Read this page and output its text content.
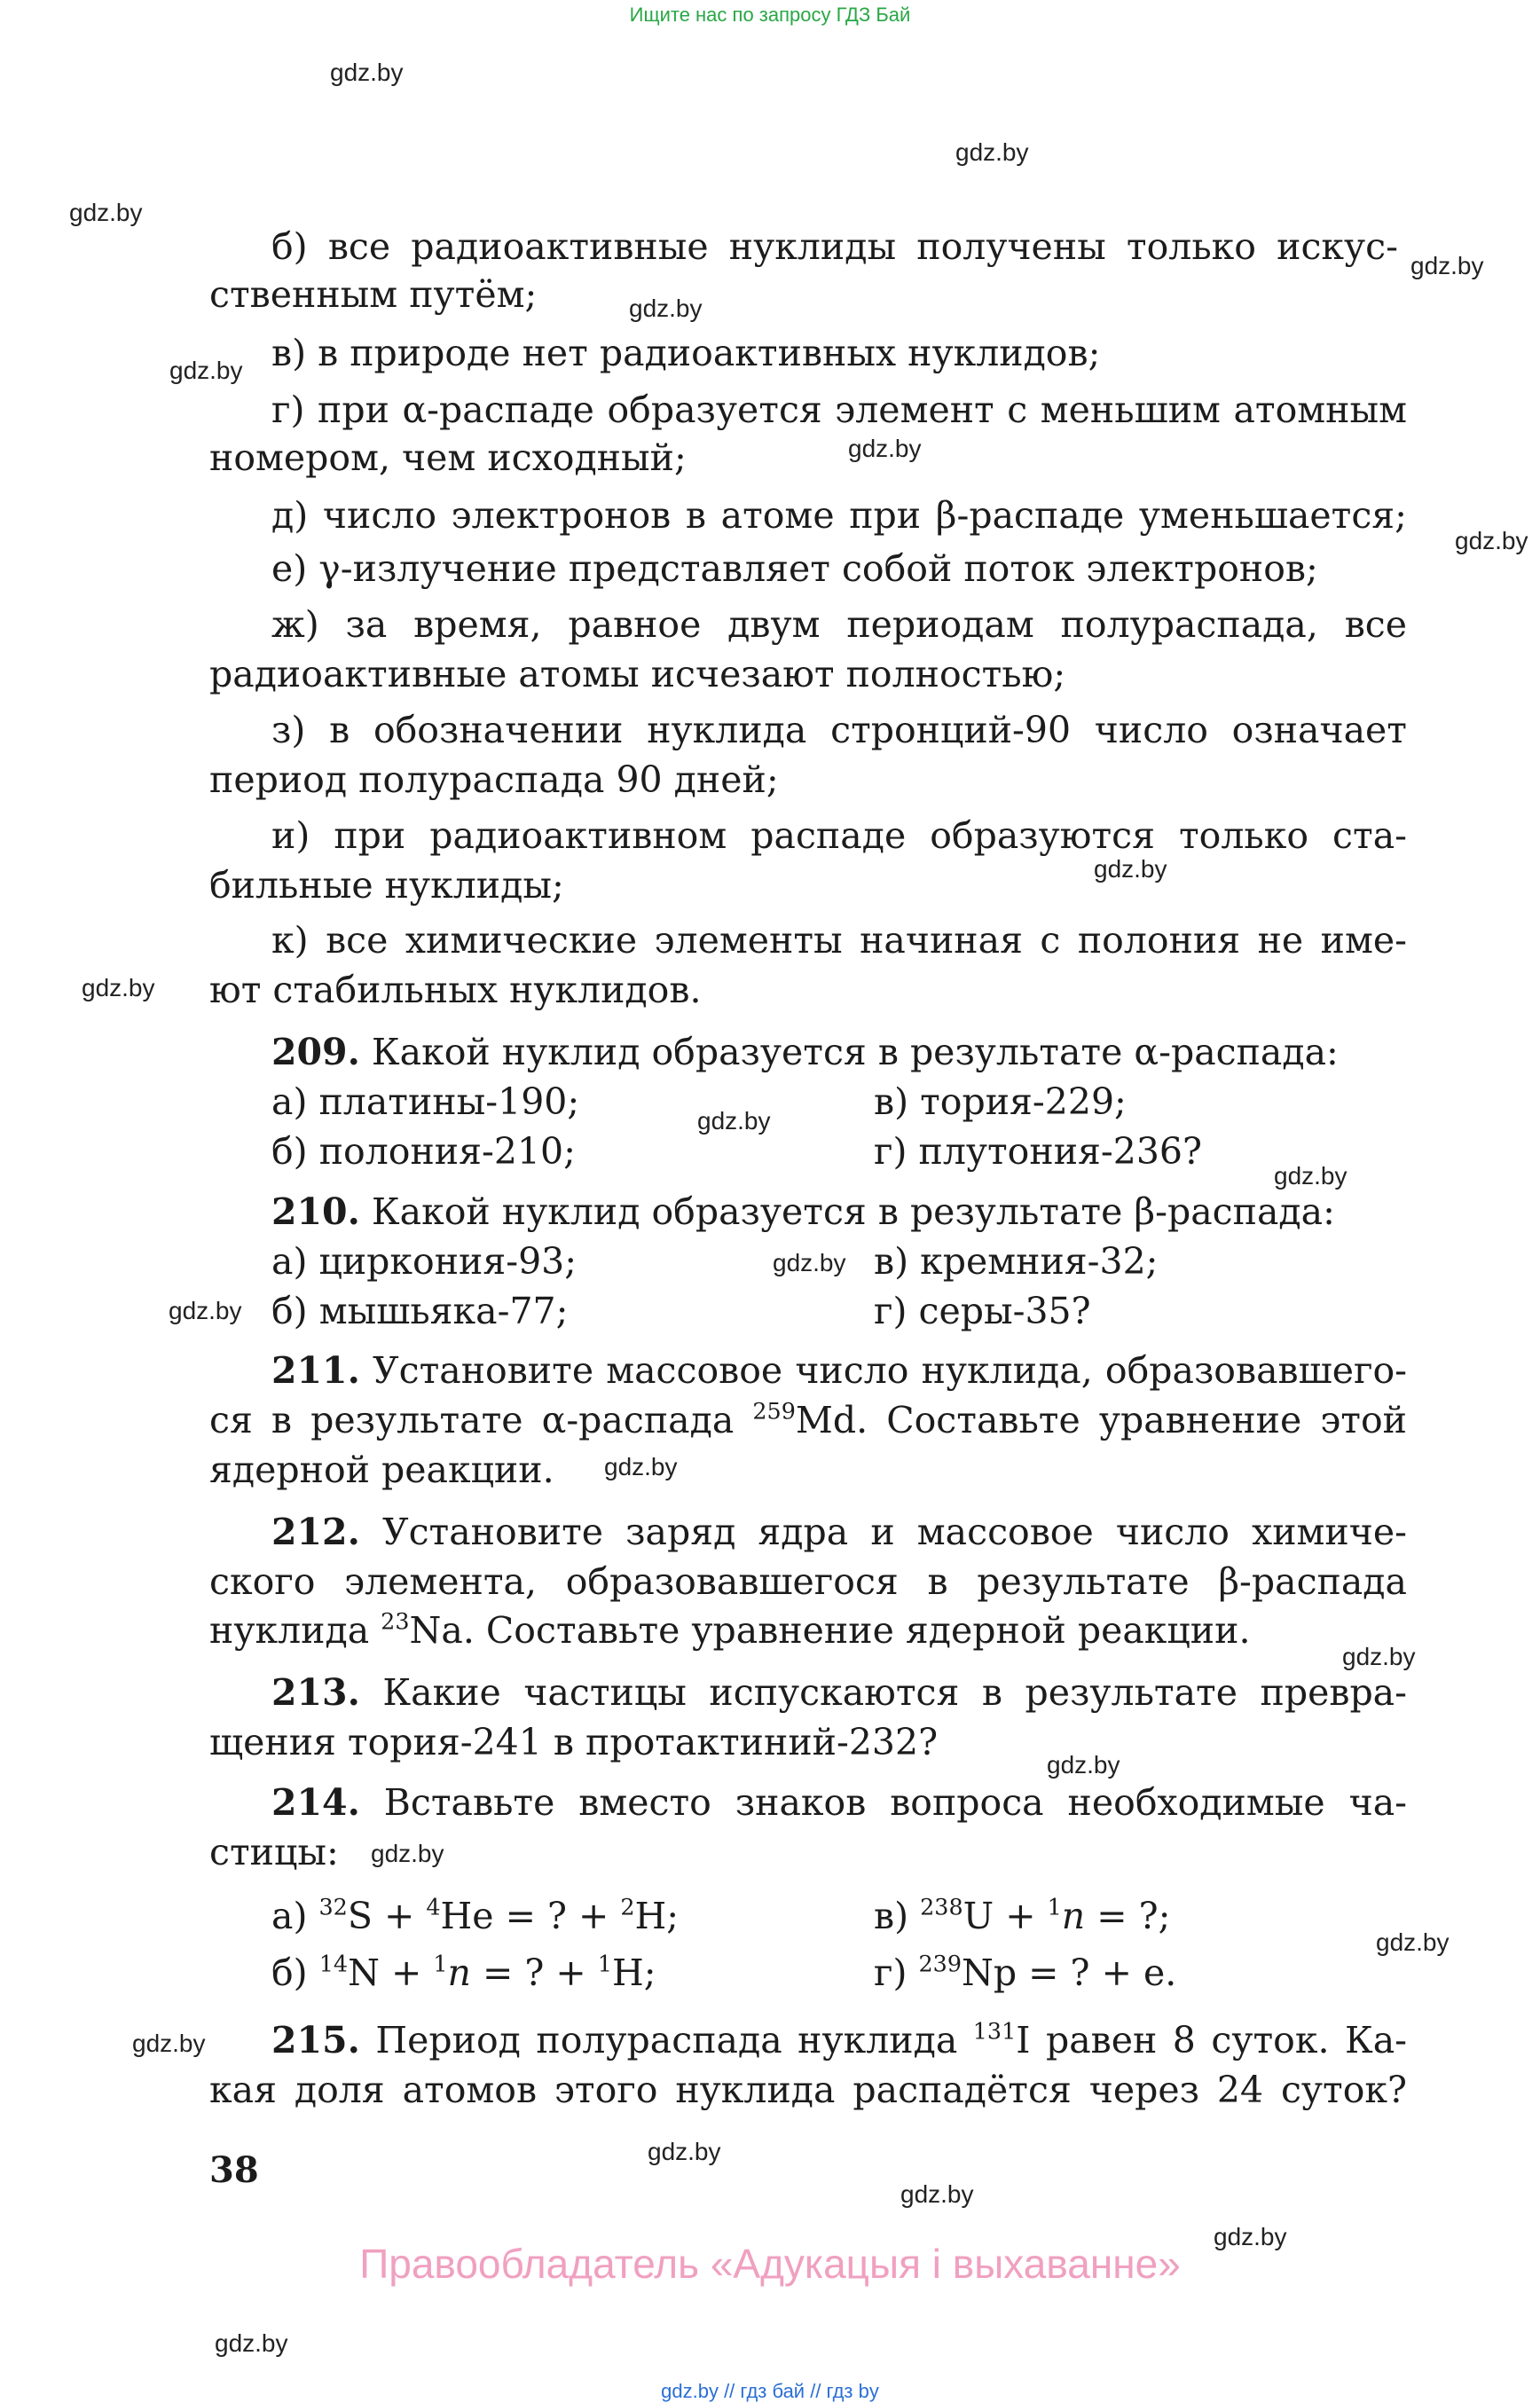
Ищите нас по запросу ГДЗ Бай
gdz.by
gdz.by
gdz.by
gdz.by
gdz.by
gdz.by
gdz.by
gdz.by
gdz.by
gdz.by
gdz.by
gdz.by
gdz.by
gdz.by
gdz.by
gdz.by
gdz.by
gdz.by
gdz.by
gdz.by
gdz.by
gdz.by
gdz.by
gdz.by
б) все радиоактивные нуклиды получены только искус-
ственным путём;
в) в природе нет радиоактивных нуклидов;
г) при α-распаде образуется элемент с меньшим атомным
номером, чем исходный;
д) число электронов в атоме при β-распаде уменьшается;
е) γ-излучение представляет собой поток электронов;
ж) за время, равное двум периодам полураспада, все
радиоактивные атомы исчезают полностью;
з) в обозначении нуклида стронций-90 число означает
период полураспада 90 дней;
и) при радиоактивном распаде образуются только ста-
бильные нуклиды;
к) все химические элементы начиная с полония не име-
ют стабильных нуклидов.
209. Какой нуклид образуется в результате α-распада:
а) платины-190;	в) тория-229;
б) полония-210;	г) плутония-236?
210. Какой нуклид образуется в результате β-распада:
а) циркония-93;	в) кремния-32;
б) мышьяка-77;	г) серы-35?
211. Установите массовое число нуклида, образовавшего-
ся в результате α-распада $^{259}$Md. Составьте уравнение этой
ядерной реакции.
212. Установите заряд ядра и массовое число химиче-
ского элемента, образовавшегося в результате β-распада
нуклида $^{23}$Na. Составьте уравнение ядерной реакции.
213. Какие частицы испускаются в результате превра-
щения тория-241 в протактиний-232?
214. Вставьте вместо знаков вопроса необходимые ча-
стицы:
а) $^{32}$S + $^4$He = ? + $^2$H;	в) $^{238}$U + $^1$n = ?;
б) $^{14}$N + $^1$n = ? + $^1$H;	г) $^{239}$Np = ? + e.
215. Период полураспада нуклида $^{131}$I равен 8 суток. Ка-
кая доля атомов этого нуклида распадётся через 24 суток?
38
Правообладатель «Адукацыя і выхаванне»
gdz.by // гдз бай // гдз by
